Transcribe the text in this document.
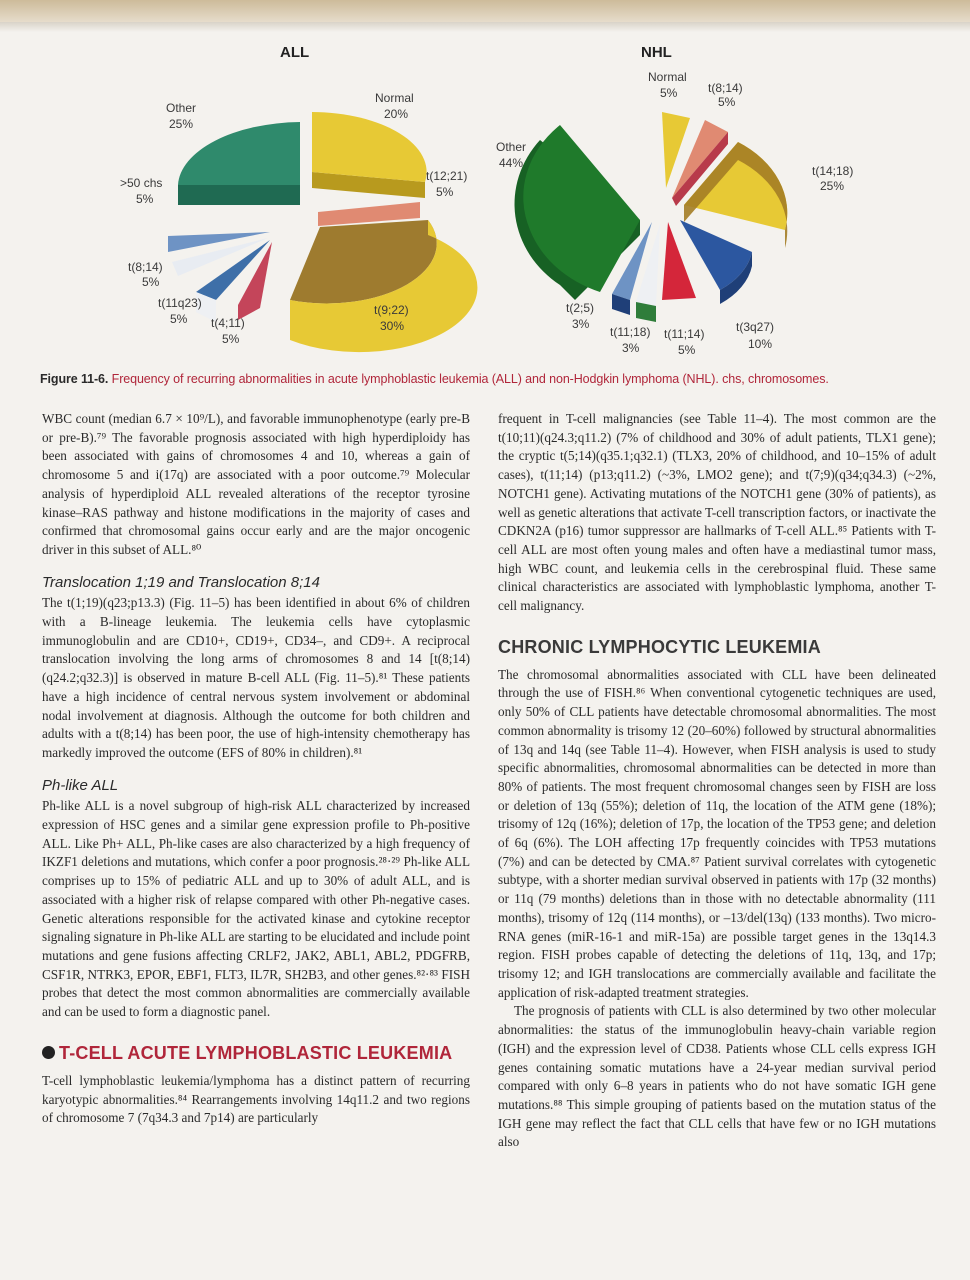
ALL
Other
25%
Normal
20%
t(12;21)
5%
>50 chs
5%
t(8;14)
5%
t(11q23)
5% t(4;11)
5%
t(9;22)
30%
NHL
Other
44%
Normal
5%	t(8;14)
5%
t(14;18)
25%
t(3q27)
10%
t(11;14)
5%
t(11;18)
3%
t(2;5)
3%
Figure 11-6. Frequency of recurring abnormalities in acute lymphoblastic leukemia (ALL) and non-Hodgkin lymphoma (NHL). chs, chromosomes.

WBC count (median 6.7 × 10⁹/L), and favorable immunophenotype (early pre-B or pre-B).⁷⁹ The favorable prognosis associated with high hyperdiploidy has been associated with gains of chromosomes 4 and 10, whereas a gain of chromosome 5 and i(17q) are associated with a poor outcome.⁷⁹ Molecular analysis of hyperdiploid ALL revealed alterations of the receptor tyrosine kinase–RAS pathway and histone modifications in the majority of cases and confirmed that chromosomal gains occur early and are the major oncogenic driver in this subset of ALL.⁸⁰

Translocation 1;19 and Translocation 8;14

The t(1;19)(q23;p13.3) (Fig. 11–5) has been identified in about 6% of children with a B-lineage leukemia. The leukemia cells have cytoplasmic immunoglobulin and are CD10+, CD19+, CD34–, and CD9+. A reciprocal translocation involving the long arms of chromosomes 8 and 14 [t(8;14)(q24.2;q32.3)] is observed in mature B-cell ALL (Fig. 11–5).⁸¹ These patients have a high incidence of central nervous system involvement or abdominal nodal involvement at diagnosis. Although the outcome for both children and adults with a t(8;14) has been poor, the use of high-intensity chemotherapy has markedly improved the outcome (EFS of 80% in children).⁸¹

Ph-like ALL

Ph-like ALL is a novel subgroup of high-risk ALL characterized by increased expression of HSC genes and a similar gene expression profile to Ph-positive ALL. Like Ph+ ALL, Ph-like cases are also characterized by a high frequency of IKZF1 deletions and mutations, which confer a poor prognosis.²⁸·²⁹ Ph-like ALL comprises up to 15% of pediatric ALL and up to 30% of adult ALL, and is associated with a higher risk of relapse compared with other Ph-negative cases. Genetic alterations responsible for the activated kinase and cytokine receptor signaling signature in Ph-like ALL are starting to be elucidated and include point mutations and gene fusions affecting CRLF2, JAK2, ABL1, ABL2, PDGFRB, CSF1R, NTRK3, EPOR, EBF1, FLT3, IL7R, SH2B3, and other genes.⁸²·⁸³ FISH probes that detect the most common abnormalities are commercially available and can be used to form a diagnostic panel.

T-CELL ACUTE LYMPHOBLASTIC LEUKEMIA

T-cell lymphoblastic leukemia/lymphoma has a distinct pattern of recurring karyotypic abnormalities.⁸⁴ Rearrangements involving 14q11.2 and two regions of chromosome 7 (7q34.3 and 7p14) are particularly

frequent in T-cell malignancies (see Table 11–4). The most common are the t(10;11)(q24.3;q11.2) (7% of childhood and 30% of adult patients, TLX1 gene); the cryptic t(5;14)(q35.1;q32.1) (TLX3, 20% of childhood, and 10–15% of adult cases), t(11;14) (p13;q11.2) (~3%, LMO2 gene); and t(7;9)(q34;q34.3) (~2%, NOTCH1 gene). Activating mutations of the NOTCH1 gene (30% of patients), as well as genetic alterations that activate T-cell transcription factors, or inactivate the CDKN2A (p16) tumor suppressor are hallmarks of T-cell ALL.⁸⁵ Patients with T-cell ALL are most often young males and often have a mediastinal tumor mass, high WBC count, and leukemia cells in the cerebrospinal fluid. These same clinical characteristics are associated with lymphoblastic lymphoma, another T-cell malignancy.

CHRONIC LYMPHOCYTIC LEUKEMIA

The chromosomal abnormalities associated with CLL have been delineated through the use of FISH.⁸⁶ When conventional cytogenetic techniques are used, only 50% of CLL patients have detectable chromosomal abnormalities. The most common abnormality is trisomy 12 (20–60%) followed by structural abnormalities of 13q and 14q (see Table 11–4). However, when FISH analysis is used to study specific abnormalities, chromosomal abnormalities can be detected in more than 80% of patients. The most frequent chromosomal changes seen by FISH are loss or deletion of 13q (55%); deletion of 11q, the location of the ATM gene (18%); trisomy of 12q (16%); deletion of 17p, the location of the TP53 gene; and deletion of 6q (6%). The LOH affecting 17p frequently coincides with TP53 mutations (7%) and can be detected by CMA.⁸⁷ Patient survival correlates with cytogenetic subtype, with a shorter median survival observed in patients with 17p (32 months) or 11q (79 months) deletions than in those with no detectable abnormality (111 months), trisomy of 12q (114 months), or –13/del(13q) (133 months). Two micro-RNA genes (miR-16-1 and miR-15a) are possible target genes in the 13q14.3 region. FISH probes capable of detecting the deletions of 11q, 13q, and 17p; trisomy 12; and IGH translocations are commercially available and facilitate the application of risk-adapted treatment strategies.

The prognosis of patients with CLL is also determined by two other molecular abnormalities: the status of the immunoglobulin heavy-chain variable region (IGH) and the expression level of CD38. Patients whose CLL cells express IGH genes containing somatic mutations have a 24-year median survival period compared with only 6–8 years in patients who do not have somatic IGH gene mutations.⁸⁸ This simple grouping of patients based on the mutation status of the IGH gene may reflect the fact that CLL cells that have few or no IGH mutations also
